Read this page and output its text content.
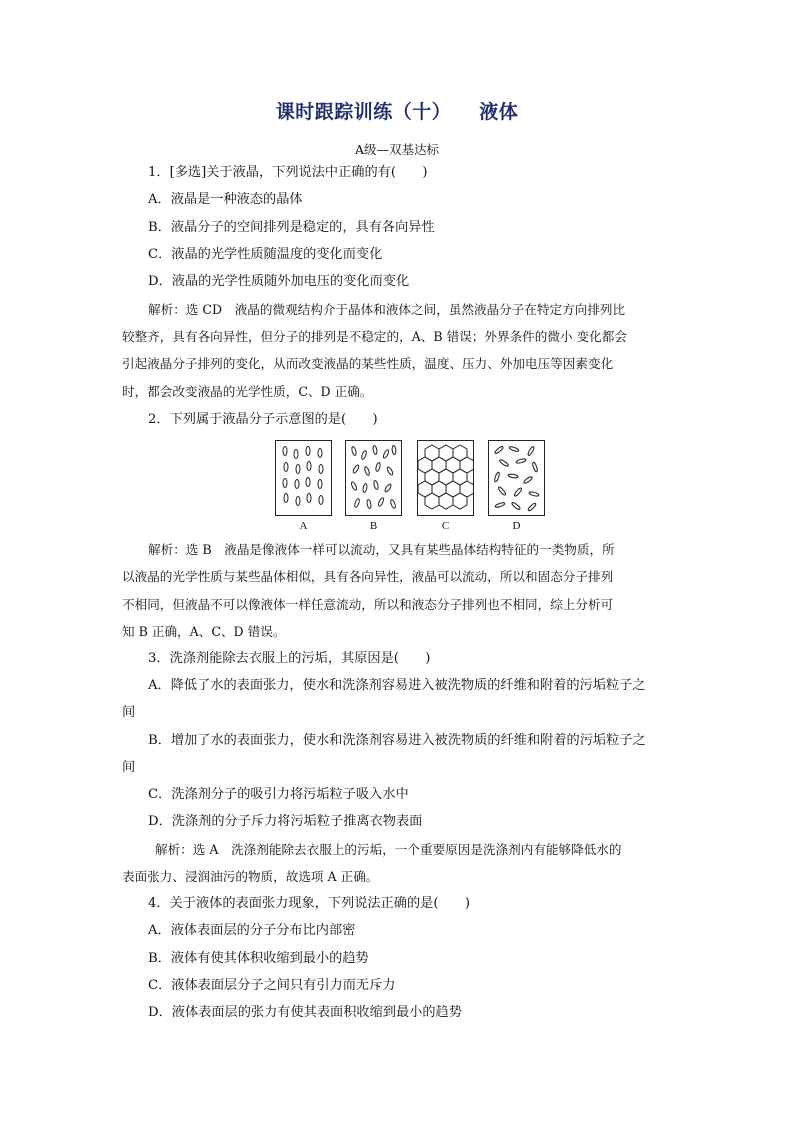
课时跟踪训练（十） 液体
A级—双基达标
1．[多选]关于液晶，下列说法中正确的有(　　)
A．液晶是一种液态的晶体
B．液晶分子的空间排列是稳定的，具有各向异性
C．液晶的光学性质随温度的变化而变化
D．液晶的光学性质随外加电压的变化而变化
解析：选 CD　液晶的微观结构介于晶体和液体之间，虽然液晶分子在特定方向排列比
较整齐，具有各向异性，但分子的排列是不稳定的，A、B 错误；外界条件的微小 变化都会
引起液晶分子排列的变化，从而改变液晶的某些性质，温度、压力、外加电压等因素变化
时，都会改变液晶的光学性质，C、D 正确。
2．下列属于液晶分子示意图的是(　　)
A	B	C	D
解析：选 B　液晶是像液体一样可以流动，又具有某些晶体结构特征的一类物质，所
以液晶的光学性质与某些晶体相似，具有各向异性，液晶可以流动，所以和固态分子排列
不相同，但液晶不可以像液体一样任意流动，所以和液态分子排列也不相同，综上分析可
知 B 正确，A、C、D 错误。
3．洗涤剂能除去衣服上的污垢，其原因是(　　)
A．降低了水的表面张力，使水和洗涤剂容易进入被洗物质的纤维和附着的污垢粒子之
间
B．增加了水的表面张力，使水和洗涤剂容易进入被洗物质的纤维和附着的污垢粒子之
间
C．洗涤剂分子的吸引力将污垢粒子吸入水中
D．洗涤剂的分子斥力将污垢粒子推离衣物表面
解析：选 A　洗涤剂能除去衣服上的污垢，一个重要原因是洗涤剂内有能够降低水的
表面张力、浸润油污的物质，故选项 A 正确。
4．关于液体的表面张力现象，下列说法正确的是(　　)
A．液体表面层的分子分布比内部密
B．液体有使其体积收缩到最小的趋势
C．液体表面层分子之间只有引力而无斥力
D．液体表面层的张力有使其表面积收缩到最小的趋势
